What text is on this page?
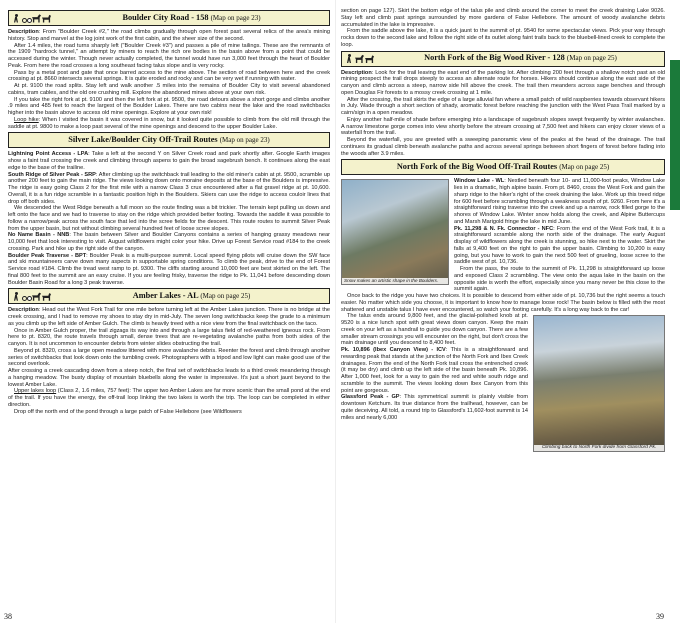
Boulder City Road - 158 (Map on page 23)

Description: From "Boulder Creek #2," the road climbs gradually through open forest past several relics of the area's mining history. Stop and marvel at the log joint work of the first cabin, and the sheer size of the second.

After 1.4 miles, the road turns sharply left ("Boulder Creek #3") and passes a pile of mine tailings. These are the remnants of the 1909 "hardrock tunnel," an attempt by miners to reach the rich ore bodies in the basin above from a point that could be accessed during the winter. Though never actually completed, the tunnel would have run 3,000 feet through the heart of Boulder Peak. From here the road crosses a long southeast facing talus slope and is very rocky.

Pass by a metal post and gate that once barred access to the mine above. The section of road between here and the creek crossing at pt. 8660 intersects several springs. It is quite eroded and rocky and can be very wet if running with water.

At pt. 9100 the road splits. Stay left and walk another .5 miles into the remains of Boulder City to visit several abandoned cabins, tram cables, and the old ore crushing mill. Explore the abandoned mines above at your own risk.

If you take the right fork at pt. 9100 and then the left fork at pt. 9500, the road detours above a short gorge and climbs another .9 miles and 485 feet to reach the largest of the Boulder Lakes. There are two cabins near the lake and the road switchbacks higher into the basin above to access old mine openings. Explore at your own risk!

Loop hike: When I visited the basin it was covered in snow, but it looked quite possible to climb from the old mill through the saddle at pt. 9800 to make a loop past several of the mine openings and descend to the upper Boulder Lake.

Silver Lake/Boulder City Off-Trail Routes (Map on page 23)

Lightning Point Access - LPA: Take a left at the second Y on Silver Creek road and park shortly after. Google Earth images show a faint trail crossing the creek and climbing through aspens to gain the broad sagebrush bench. It continues along the east edge to the base of the trailine.

South Ridge of Silver Peak - SRP: After climbing up the switchback trail leading to the old miner's cabin at pt. 9500, scramble up another 200 feet to gain the main ridge. The views looking down onto moraine deposits at the base of the Boulders is impressive. The ridge is easy going Class 2 for the first mile with a narrow Class 3 crux encountered after a flat gravel ridge at pt. 10,600. Overall, it is a fun ridge scramble in a fantastic position high in the Boulders. Skiers can use the ridge to access couloir lines that drop off both sides.

We descended the West Ridge beneath a full moon so the route finding was a bit trickier. The terrain kept pulling us down and left onto the face and we had to traverse to stay on the ridge which provided better footing. Towards the saddle it was possible to follow a narrow/peak across the south face that led into the scree fields for the descent. This route routes to summit Silver Peak from the upper basin, but not without climbing several hundred feet of loose scree slopes.

No Name Basin - NNB: The basin between Silver and Boulder Canyons contains a series of hanging grassy meadows near 10,000 feet that look interesting to visit. August wildflowers might color your hike. Drive up Forest Service road #184 to the creek crossing. Park and hike up the right side of the canyon.

Boulder Peak Traverse - BPT: Boulder Peak is a multi-purpose summit. Local speed flying pilots will cruise down the SW face and ski mountaineers carve down many aspects in supportable spring conditions. To climb the peak, drive to the end of Forest Service road #184. Climb the tread west ramp to pt. 9300. The cliffs starting around 10,000 feet are best skirted on the left. The final 800 feet to the summit are an easy cruise. If you are feeling frisky, traverse the ridge to Pk. 11,041 before descending down Boulder Basin Road for a long 3 peak traverse.

Amber Lakes - AL (Map on page 25)

Description: Head out the West Fork Trail for one mile before turning left at the Amber Lakes junction. There is no bridge at the creek crossing, and I had to remove my shoes to stay dry in mid-July. The seven long switchbacks keep the grade to a minimum as you climb up the left side of Amber Gulch. The climb is heavily treed with a nice view from the final switchback on the taco.

Once in Amber Gulch proper, the trail zigzags its way into and through a large talus field of red-weathered igneous rock. From here to pt. 8320, the route travels through small, dense trees that are re-vegetating avalanche paths from both sides of the canyon. It is not uncommon to encounter debris from winter slides obstructing the trail.

Beyond pt. 8320, cross a large open meadow littered with more avalanche debris. Reenter the forest and climb through another series of switchbacks that look down onto the tumbling creek. Photographers with a tripod and low light can make good use of the second overlook.

After crossing a creek cascading down from a steep notch, the final set of switchbacks leads to a third creek meandering through a hanging meadow. The busty display of mountain bluebells along the water is impressive. It's just a short jaunt beyond to the lowest Amber Lake.

Upper lakes loop (Class 2, 1.6 miles, 757 feet): The upper two Amber Lakes are far more scenic than the small pond at the end of the trail. If you have the energy, the off-trail loop linking the two lakes is worth the trip. The loop can be completed in either direction.

Drop off the north end of the pond through a large patch of False Hellebore (see Wildflowers

section on page 127). Skirt the bottom edge of the talus pile and climb around the corner to meet the creek draining Lake 9026. Stay left and climb past springs surrounded by more gardens of False Hellebore. The amount of woody avalanche debris accumulated in the lake is impressive.

From the saddle above the lake, it is a quick jaunt to the summit of pt. 9540 for some spectacular views. Pick your way through rocks down to the second lake and follow the right side of its outlet along faint trails back to the bluebell-lined creek to complete the loop.

North Fork of the Big Wood River - 128 (Map on page 25)

Description: Look for the trail leaving the east end of the parking lot. After climbing 200 feet through a shallow notch past an old mining prospect the trail drops steeply to access an alternate route for horses. Hikers should continue along the east side of the canyon and climb across a steep, narrow side hill above the creek. The trail then meanders across sage benches and through open Douglas Fir forests to a mossy creek crossing at 1 mile.

After the crossing, the trail skirts the edge of a large alluvial fan where a small patch of wild raspberries towards observant hikers in July. Wade through a short section of shady, aromatic forest before reaching the junction with the West Pass Trail marked by a cairn/sign in a open meadow.

Enjoy another half-mile of shade before emerging into a landscape of sagebrush slopes swept frequently by winter avalanches. A narrow limestone gorge comes into view shortly before the stream crossing at 7,500 feet and hikers can enjoy closer views of a waterfall from the trail.

Beyond the waterfall, you are greeted with a sweeping panoramic view of the peaks at the head of the drainage. The trail continues its gradual climb beneath avalanche paths and across several springs between short fingers of forest before fading into the woods after 3.9 miles.

North Fork of the Big Wood Off-Trail Routes (Map on page 25)
Snow makes an artistic shape in the Boulders.

Window Lake - WL: Nestled beneath four 10- and 11,000-foot peaks, Window Lake lies in a dramatic, high alpine basin. From pt. 8460, cross the West Fork and gain the sharp ridge to the hiker's right of the creek draining the lake. Work up this treed ridge for 600 feet before scrambling through a weakness south of pt. 9260. From here it's a straightforward rising traverse into the creek and up a narrow, rock filled gorge to the shores of Window Lake. Winter snow holds along the creek, and Alpine Buttercups and Marsh Marigold fringe the lake in mid June.

Pk. 11,298 & N. Fk. Connector - NFC: From the end of the West Fork trail, it is a straightforward scramble along the north side of the drainage. The early August display of wildflowers along the creek is stunning, so hike next to the water. Skirt the falls at 9,400 feet on the right to gain the upper basin. Climbing to 10,200 is easy going, but you have to work to gain the next 500 feet of grueling, loose scree to the saddle west of pt. 10,736.

From the pass, the route to the summit of Pk. 11,298 is straightforward up loose and exposed Class 2 scrambling. The view onto the aqua lake in the basin on the opposite side is worth the effort, especially since you many never be this close to the summit again.

Once back to the ridge you have two choices. It is possible to descend from either side of pt. 10,736 but the right seems a touch easier. No matter which side you choose, it is important to know how to manage loose rock! The basin below is filled with the most shattered and unstable talus I have ever encountered, so watch your footing carefully. It's a long way back to the car!

Climbing back to North Fork divide from Glassford Pk.

The talus ends around 9,800 feet, and the glacial-polished knob at pt. 9520 is a nice lunch spot with great views down canyon. Keep the main creek on your left as a handrail to guide you down canyon. There are a few smaller stream crossings you will encounter on the right, but don't cross the main drainage until you descend to 8,400 feet.

Pk. 10,896 (Ibex Canyon View) - ICV: This is a straightforward and rewarding peak that stands at the junction of the North Fork and Ibex Creek drainages. From the end of the North Fork trail cross the entrenched creek (it may be dry) and climb up the left side of the basin beneath Pk. 10,896. After 1,000 feet, look for a way to gain the red and white south ridge and scramble to the summit. The views looking down Ibex Canyon from this point are gorgeous.

Glassford Peak - GP: This symmetrical summit is plainly visible from downtown Ketchum. Its true distance from the trailhead, however, can be quite deceiving. All told, a round trip to Glassford's 11,602-foot summit is 14 miles and nearly 6,000

38	39
